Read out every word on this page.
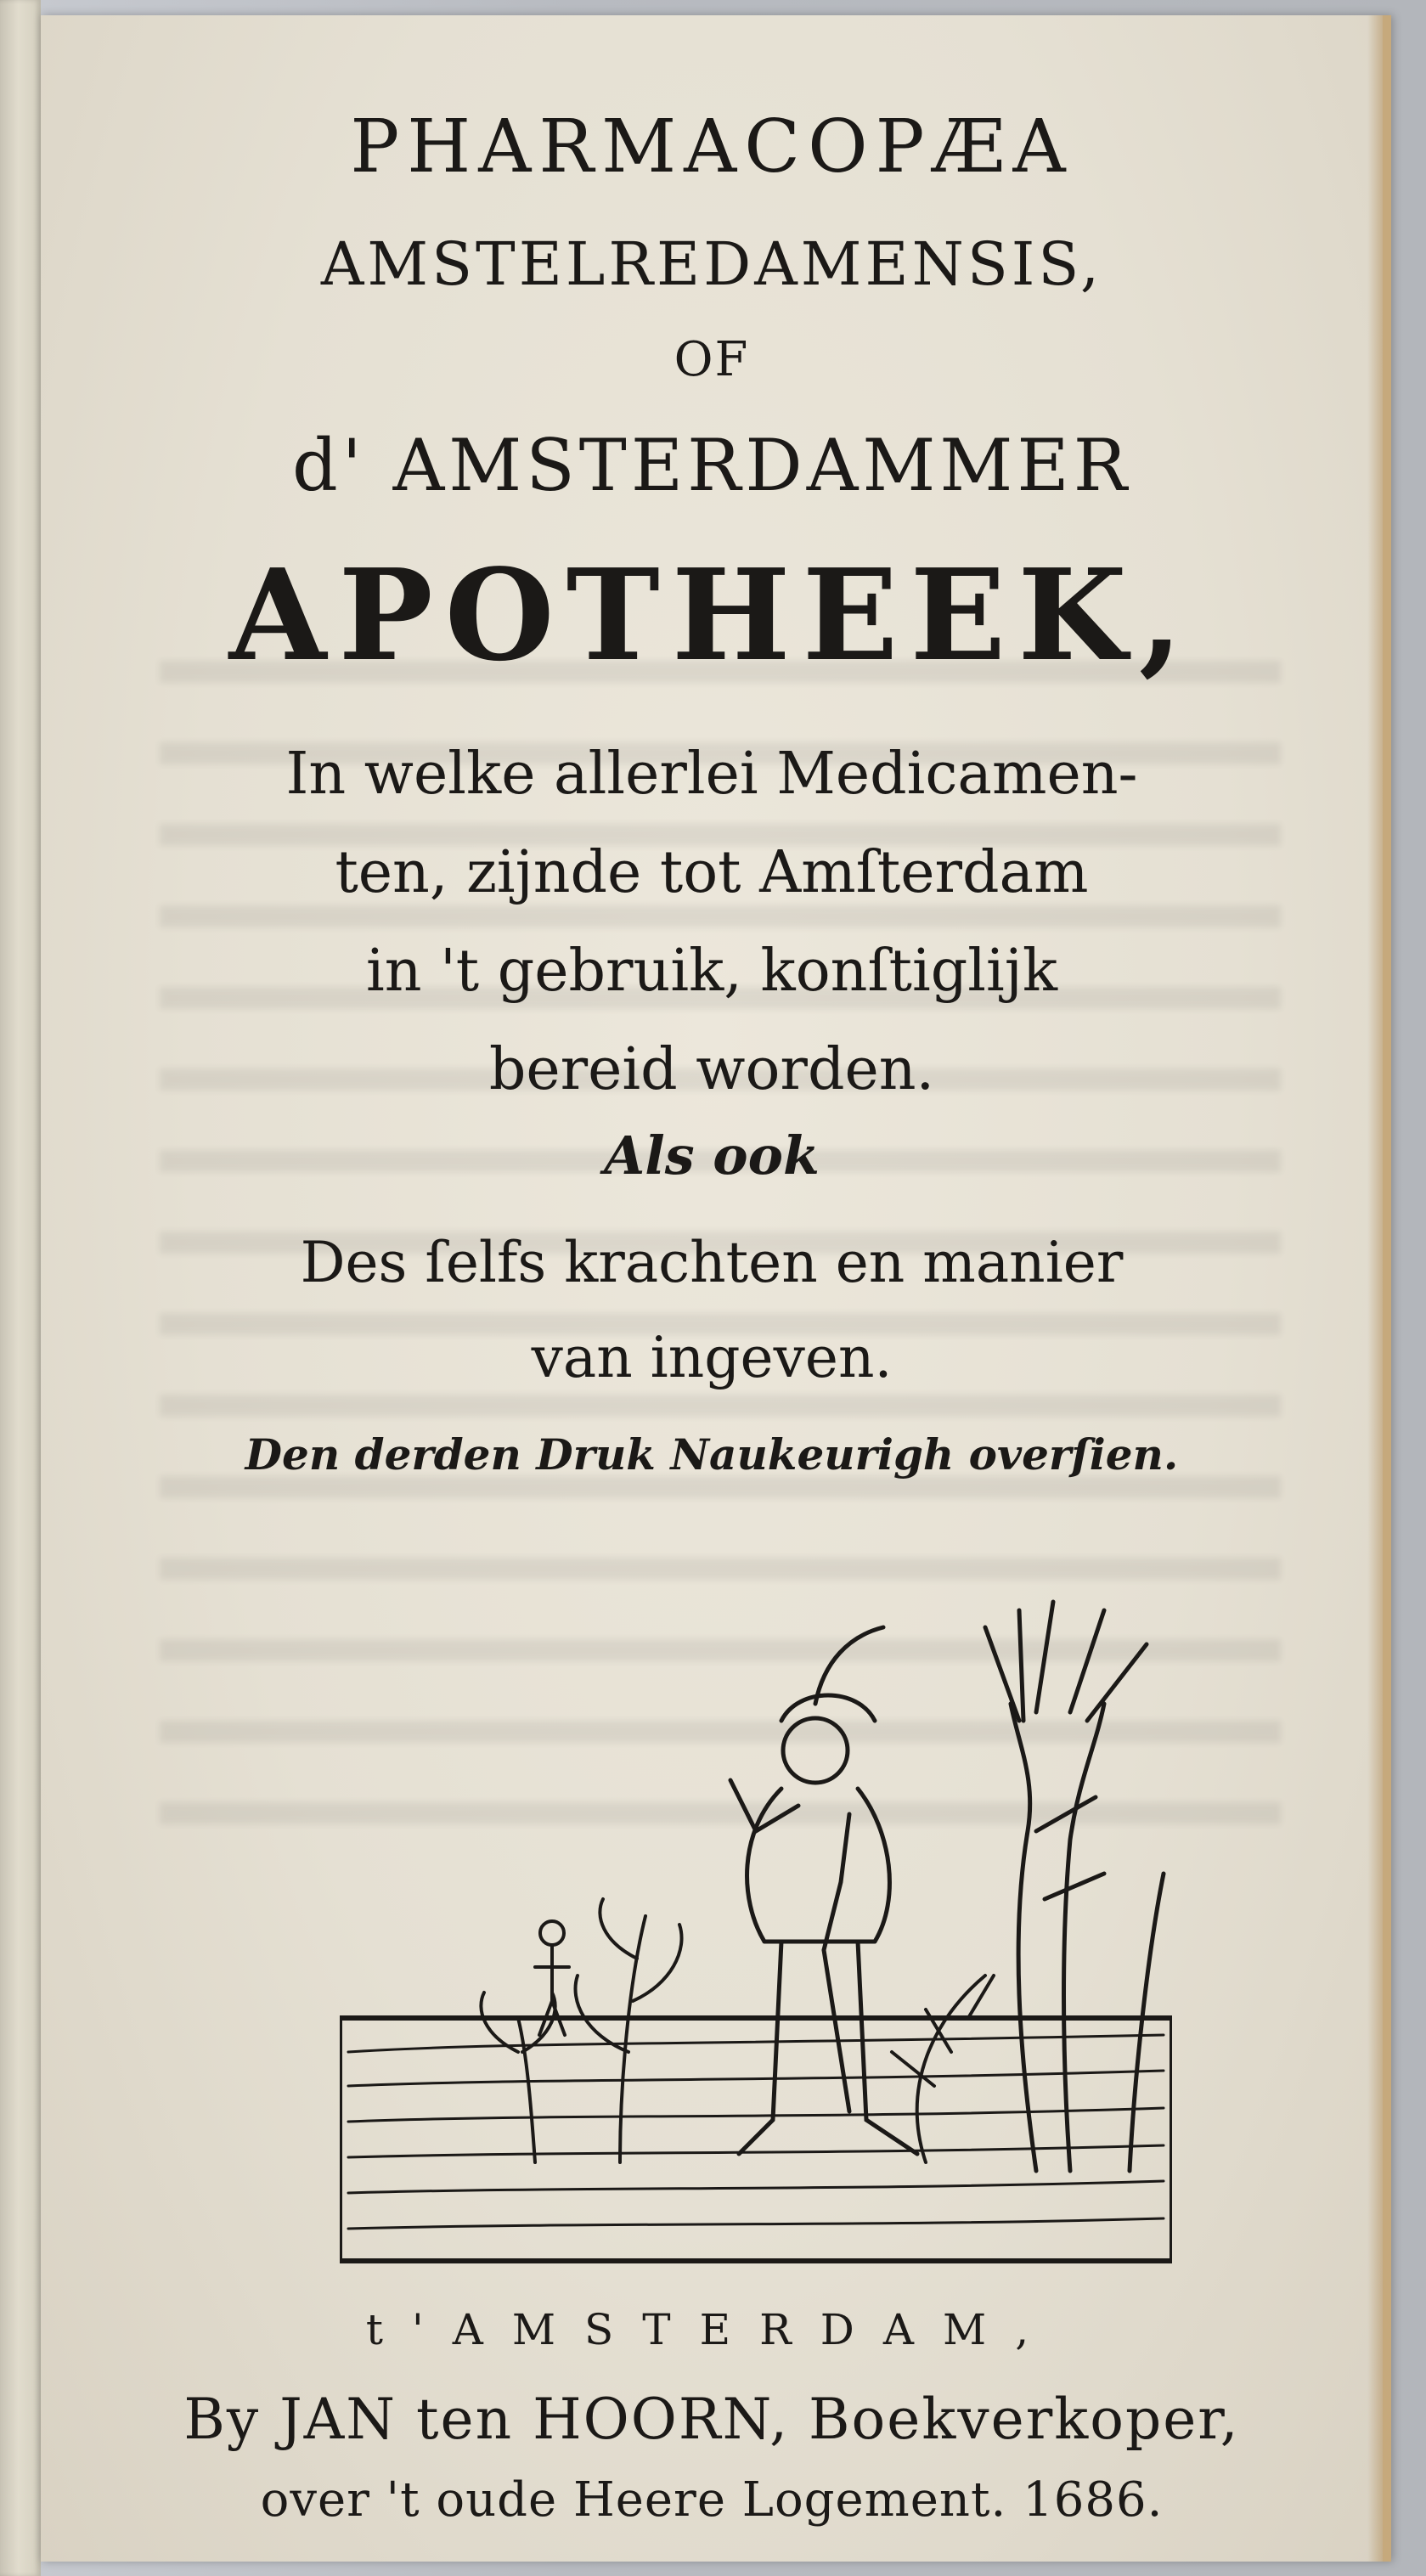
PHARMACOPÆA
AMSTELREDAMENSIS,
OF
d' AMSTERDAMMER
APOTHEEK,
In welke allerlei Medicamen-
ten, zijnde tot Amſterdam
in 't gebruik, konſtiglijk
bereid worden.
Als ook
Des ſelfs krachten en manier
van ingeven.
Den derden Druk Naukeurigh overſien.
t'AMSTERDAM,
By JAN ten HOORN, Boekverkoper,
over 't oude Heere Logement. 1686.
